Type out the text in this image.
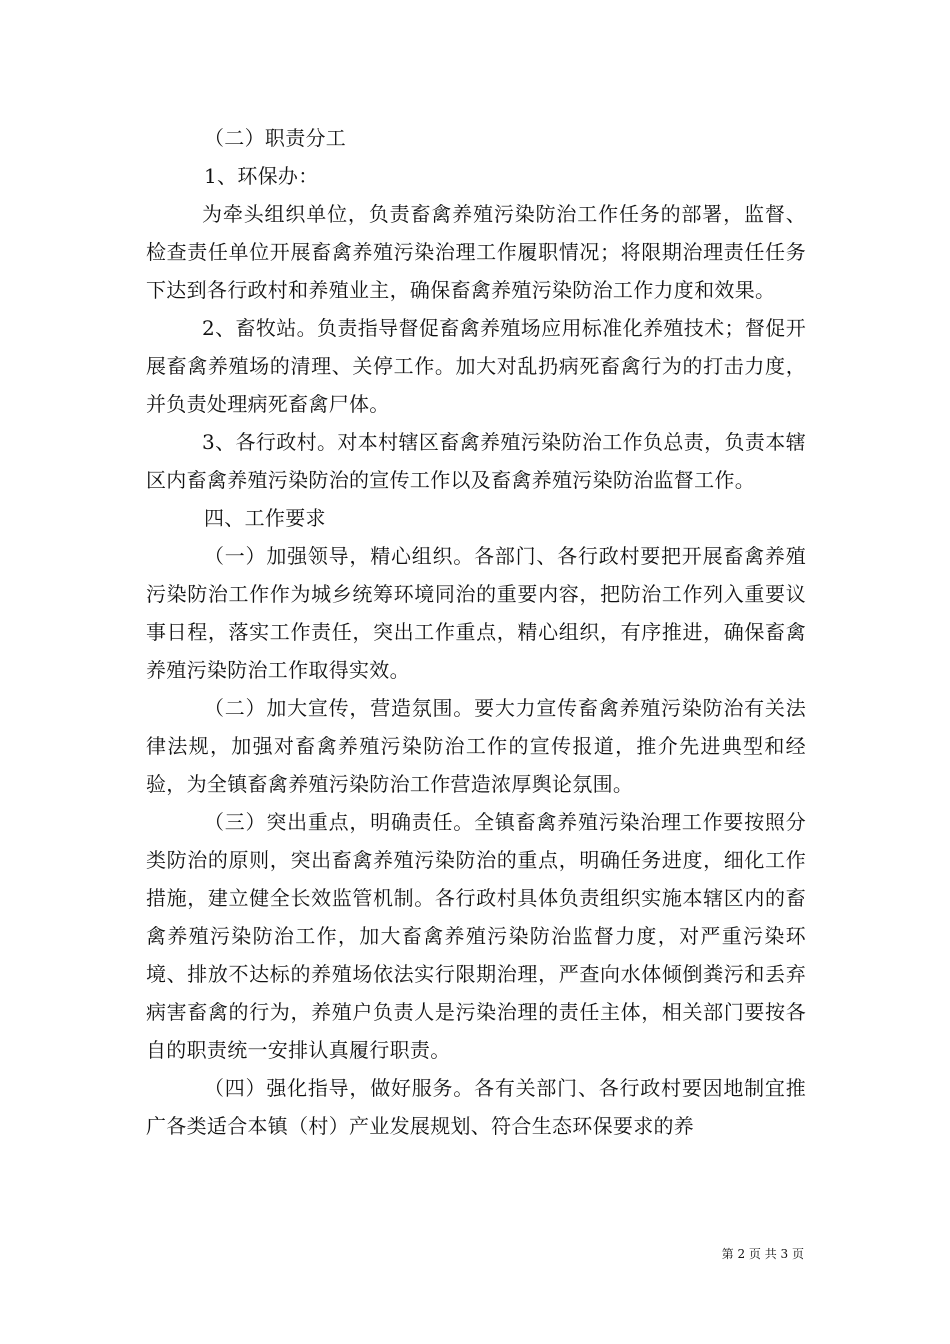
（二）职责分工

1、环保办：

为牵头组织单位，负责畜禽养殖污染防治工作任务的部署，监督、检查责任单位开展畜禽养殖污染治理工作履职情况；将限期治理责任任务下达到各行政村和养殖业主，确保畜禽养殖污染防治工作力度和效果。

2、畜牧站。负责指导督促畜禽养殖场应用标准化养殖技术；督促开展畜禽养殖场的清理、关停工作。加大对乱扔病死畜禽行为的打击力度，并负责处理病死畜禽尸体。

3、各行政村。对本村辖区畜禽养殖污染防治工作负总责，负责本辖区内畜禽养殖污染防治的宣传工作以及畜禽养殖污染防治监督工作。

四、工作要求

（一）加强领导，精心组织。各部门、各行政村要把开展畜禽养殖污染防治工作作为城乡统筹环境同治的重要内容，把防治工作列入重要议事日程，落实工作责任，突出工作重点，精心组织，有序推进，确保畜禽养殖污染防治工作取得实效。

（二）加大宣传，营造氛围。要大力宣传畜禽养殖污染防治有关法律法规，加强对畜禽养殖污染防治工作的宣传报道，推介先进典型和经验，为全镇畜禽养殖污染防治工作营造浓厚舆论氛围。

（三）突出重点，明确责任。全镇畜禽养殖污染治理工作要按照分类防治的原则，突出畜禽养殖污染防治的重点，明确任务进度，细化工作措施，建立健全长效监管机制。各行政村具体负责组织实施本辖区内的畜禽养殖污染防治工作，加大畜禽养殖污染防治监督力度，对严重污染环境、排放不达标的养殖场依法实行限期治理，严查向水体倾倒粪污和丢弃病害畜禽的行为，养殖户负责人是污染治理的责任主体，相关部门要按各自的职责统一安排认真履行职责。

（四）强化指导，做好服务。各有关部门、各行政村要因地制宜推广各类适合本镇（村）产业发展规划、符合生态环保要求的养

第 2 页 共 3 页
